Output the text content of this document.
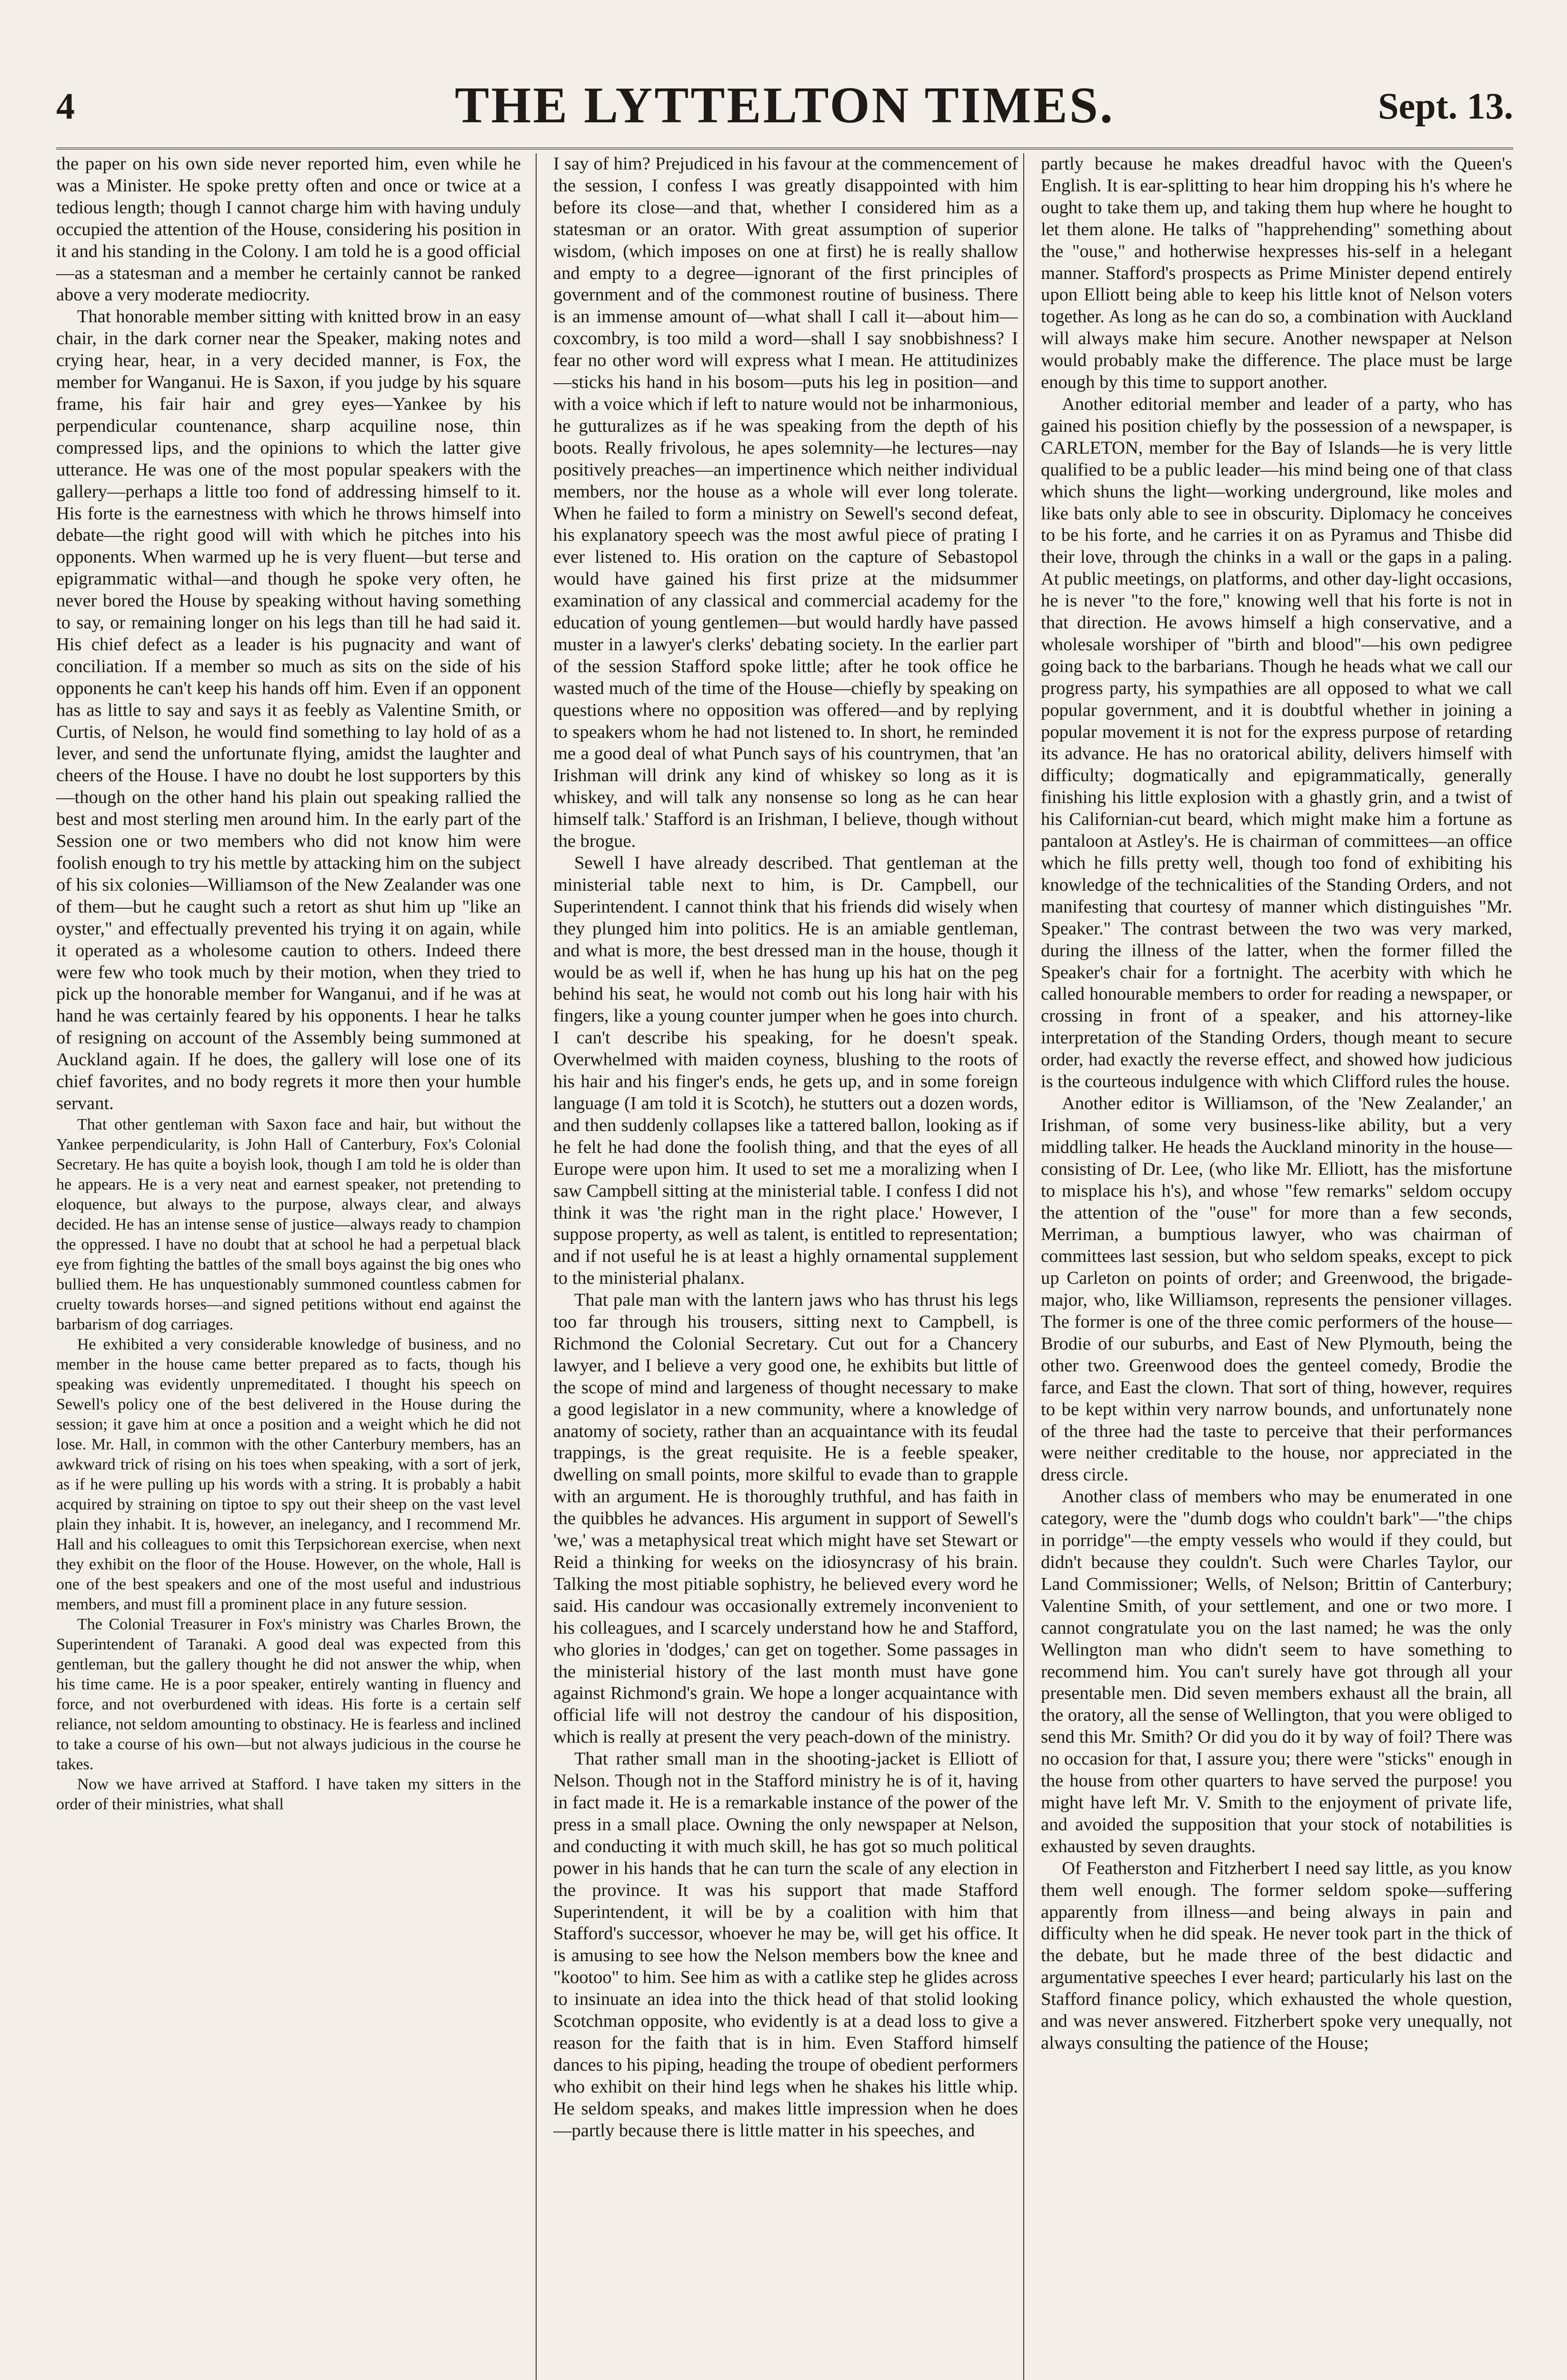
4	THE LYTTELTON TIMES.	Sept. 13.

the paper on his own side never reported him, even while he was a Minister. He spoke pretty often and once or twice at a tedious length; though I cannot charge him with having unduly occupied the attention of the House, considering his position in it and his standing in the Colony. I am told he is a good official—as a statesman and a member he certainly cannot be ranked above a very moderate mediocrity.

That honorable member sitting with knitted brow in an easy chair, in the dark corner near the Speaker, making notes and crying hear, hear, in a very decided manner, is Fox, the member for Wanganui. He is Saxon, if you judge by his square frame, his fair hair and grey eyes—Yankee by his perpendicular countenance, sharp acquiline nose, thin compressed lips, and the opinions to which the latter give utterance. He was one of the most popular speakers with the gallery—perhaps a little too fond of addressing himself to it. His forte is the earnestness with which he throws himself into debate—the right good will with which he pitches into his opponents. When warmed up he is very fluent—but terse and epigrammatic withal—and though he spoke very often, he never bored the House by speaking without having something to say, or remaining longer on his legs than till he had said it. His chief defect as a leader is his pugnacity and want of conciliation. If a member so much as sits on the side of his opponents he can't keep his hands off him. Even if an opponent has as little to say and says it as feebly as Valentine Smith, or Curtis, of Nelson, he would find something to lay hold of as a lever, and send the unfortunate flying, amidst the laughter and cheers of the House. I have no doubt he lost supporters by this—though on the other hand his plain out speaking rallied the best and most sterling men around him. In the early part of the Session one or two members who did not know him were foolish enough to try his mettle by attacking him on the subject of his six colonies—Williamson of the New Zealander was one of them—but he caught such a retort as shut him up "like an oyster," and effectually prevented his trying it on again, while it operated as a wholesome caution to others. Indeed there were few who took much by their motion, when they tried to pick up the honorable member for Wanganui, and if he was at hand he was certainly feared by his opponents. I hear he talks of resigning on account of the Assembly being summoned at Auckland again. If he does, the gallery will lose one of its chief favorites, and no body regrets it more then your humble servant.

That other gentleman with Saxon face and hair, but without the Yankee perpendicularity, is John Hall of Canterbury, Fox's Colonial Secretary. He has quite a boyish look, though I am told he is older than he appears. He is a very neat and earnest speaker, not pretending to eloquence, but always to the purpose, always clear, and always decided. He has an intense sense of justice—always ready to champion the oppressed. I have no doubt that at school he had a perpetual black eye from fighting the battles of the small boys against the big ones who bullied them. He has unquestionably summoned countless cabmen for cruelty towards horses—and signed petitions without end against the barbarism of dog carriages.

He exhibited a very considerable knowledge of business, and no member in the house came better prepared as to facts, though his speaking was evidently unpremeditated. I thought his speech on Sewell's policy one of the best delivered in the House during the session; it gave him at once a position and a weight which he did not lose. Mr. Hall, in common with the other Canterbury members, has an awkward trick of rising on his toes when speaking, with a sort of jerk, as if he were pulling up his words with a string. It is probably a habit acquired by straining on tiptoe to spy out their sheep on the vast level plain they inhabit. It is, however, an inelegancy, and I recommend Mr. Hall and his colleagues to omit this Terpsichorean exercise, when next they exhibit on the floor of the House. However, on the whole, Hall is one of the best speakers and one of the most useful and industrious members, and must fill a prominent place in any future session.

The Colonial Treasurer in Fox's ministry was Charles Brown, the Superintendent of Taranaki. A good deal was expected from this gentleman, but the gallery thought he did not answer the whip, when his time came. He is a poor speaker, entirely wanting in fluency and force, and not overburdened with ideas. His forte is a certain self reliance, not seldom amounting to obstinacy. He is fearless and inclined to take a course of his own—but not always judicious in the course he takes.

Now we have arrived at Stafford. I have taken my sitters in the order of their ministries, what shall

I say of him? Prejudiced in his favour at the commencement of the session, I confess I was greatly disappointed with him before its close—and that, whether I considered him as a statesman or an orator. With great assumption of superior wisdom, (which imposes on one at first) he is really shallow and empty to a degree—ignorant of the first principles of government and of the commonest routine of business. There is an immense amount of—what shall I call it—about him—coxcombry, is too mild a word—shall I say snobbishness? I fear no other word will express what I mean. He attitudinizes—sticks his hand in his bosom—puts his leg in position—and with a voice which if left to nature would not be inharmonious, he gutturalizes as if he was speaking from the depth of his boots. Really frivolous, he apes solemnity—he lectures—nay positively preaches—an impertinence which neither individual members, nor the house as a whole will ever long tolerate. When he failed to form a ministry on Sewell's second defeat, his explanatory speech was the most awful piece of prating I ever listened to. His oration on the capture of Sebastopol would have gained his first prize at the midsummer examination of any classical and commercial academy for the education of young gentlemen—but would hardly have passed muster in a lawyer's clerks' debating society. In the earlier part of the session Stafford spoke little; after he took office he wasted much of the time of the House—chiefly by speaking on questions where no opposition was offered—and by replying to speakers whom he had not listened to. In short, he reminded me a good deal of what Punch says of his countrymen, that 'an Irishman will drink any kind of whiskey so long as it is whiskey, and will talk any nonsense so long as he can hear himself talk.' Stafford is an Irishman, I believe, though without the brogue.

Sewell I have already described. That gentleman at the ministerial table next to him, is Dr. Campbell, our Superintendent. I cannot think that his friends did wisely when they plunged him into politics. He is an amiable gentleman, and what is more, the best dressed man in the house, though it would be as well if, when he has hung up his hat on the peg behind his seat, he would not comb out his long hair with his fingers, like a young counter jumper when he goes into church. I can't describe his speaking, for he doesn't speak. Overwhelmed with maiden coyness, blushing to the roots of his hair and his finger's ends, he gets up, and in some foreign language (I am told it is Scotch), he stutters out a dozen words, and then suddenly collapses like a tattered ballon, looking as if he felt he had done the foolish thing, and that the eyes of all Europe were upon him. It used to set me a moralizing when I saw Campbell sitting at the ministerial table. I confess I did not think it was 'the right man in the right place.' However, I suppose property, as well as talent, is entitled to representation; and if not useful he is at least a highly ornamental supplement to the ministerial phalanx.

That pale man with the lantern jaws who has thrust his legs too far through his trousers, sitting next to Campbell, is Richmond the Colonial Secretary. Cut out for a Chancery lawyer, and I believe a very good one, he exhibits but little of the scope of mind and largeness of thought necessary to make a good legislator in a new community, where a knowledge of anatomy of society, rather than an acquaintance with its feudal trappings, is the great requisite. He is a feeble speaker, dwelling on small points, more skilful to evade than to grapple with an argument. He is thoroughly truthful, and has faith in the quibbles he advances. His argument in support of Sewell's 'we,' was a metaphysical treat which might have set Stewart or Reid a thinking for weeks on the idiosyncrasy of his brain. Talking the most pitiable sophistry, he believed every word he said. His candour was occasionally extremely inconvenient to his colleagues, and I scarcely understand how he and Stafford, who glories in 'dodges,' can get on together. Some passages in the ministerial history of the last month must have gone against Richmond's grain. We hope a longer acquaintance with official life will not destroy the candour of his disposition, which is really at present the very peach-down of the ministry.

That rather small man in the shooting-jacket is Elliott of Nelson. Though not in the Stafford ministry he is of it, having in fact made it. He is a remarkable instance of the power of the press in a small place. Owning the only newspaper at Nelson, and conducting it with much skill, he has got so much political power in his hands that he can turn the scale of any election in the province. It was his support that made Stafford Superintendent, it will be by a coalition with him that Stafford's successor, whoever he may be, will get his office. It is amusing to see how the Nelson members bow the knee and "kootoo" to him. See him as with a catlike step he glides across to insinuate an idea into the thick head of that stolid looking Scotchman opposite, who evidently is at a dead loss to give a reason for the faith that is in him. Even Stafford himself dances to his piping, heading the troupe of obedient performers who exhibit on their hind legs when he shakes his little whip. He seldom speaks, and makes little impression when he does—partly because there is little matter in his speeches, and

partly because he makes dreadful havoc with the Queen's English. It is ear-splitting to hear him dropping his h's where he ought to take them up, and taking them hup where he hought to let them alone. He talks of "happrehending" something about the "ouse," and hotherwise hexpresses his-self in a helegant manner. Stafford's prospects as Prime Minister depend entirely upon Elliott being able to keep his little knot of Nelson voters together. As long as he can do so, a combination with Auckland will always make him secure. Another newspaper at Nelson would probably make the difference. The place must be large enough by this time to support another.

Another editorial member and leader of a party, who has gained his position chiefly by the possession of a newspaper, is CARLETON, member for the Bay of Islands—he is very little qualified to be a public leader—his mind being one of that class which shuns the light—working underground, like moles and like bats only able to see in obscurity. Diplomacy he conceives to be his forte, and he carries it on as Pyramus and Thisbe did their love, through the chinks in a wall or the gaps in a paling. At public meetings, on platforms, and other day-light occasions, he is never "to the fore," knowing well that his forte is not in that direction. He avows himself a high conservative, and a wholesale worshiper of "birth and blood"—his own pedigree going back to the barbarians. Though he heads what we call our progress party, his sympathies are all opposed to what we call popular government, and it is doubtful whether in joining a popular movement it is not for the express purpose of retarding its advance. He has no oratorical ability, delivers himself with difficulty; dogmatically and epigrammatically, generally finishing his little explosion with a ghastly grin, and a twist of his Californian-cut beard, which might make him a fortune as pantaloon at Astley's. He is chairman of committees—an office which he fills pretty well, though too fond of exhibiting his knowledge of the technicalities of the Standing Orders, and not manifesting that courtesy of manner which distinguishes "Mr. Speaker." The contrast between the two was very marked, during the illness of the latter, when the former filled the Speaker's chair for a fortnight. The acerbity with which he called honourable members to order for reading a newspaper, or crossing in front of a speaker, and his attorney-like interpretation of the Standing Orders, though meant to secure order, had exactly the reverse effect, and showed how judicious is the courteous indulgence with which Clifford rules the house.

Another editor is Williamson, of the 'New Zealander,' an Irishman, of some very business-like ability, but a very middling talker. He heads the Auckland minority in the house—consisting of Dr. Lee, (who like Mr. Elliott, has the misfortune to misplace his h's), and whose "few remarks" seldom occupy the attention of the "ouse" for more than a few seconds, Merriman, a bumptious lawyer, who was chairman of committees last session, but who seldom speaks, except to pick up Carleton on points of order; and Greenwood, the brigade-major, who, like Williamson, represents the pensioner villages. The former is one of the three comic performers of the house—Brodie of our suburbs, and East of New Plymouth, being the other two. Greenwood does the genteel comedy, Brodie the farce, and East the clown. That sort of thing, however, requires to be kept within very narrow bounds, and unfortunately none of the three had the taste to perceive that their performances were neither creditable to the house, nor appreciated in the dress circle.

Another class of members who may be enumerated in one category, were the "dumb dogs who couldn't bark"—"the chips in porridge"—the empty vessels who would if they could, but didn't because they couldn't. Such were Charles Taylor, our Land Commissioner; Wells, of Nelson; Brittin of Canterbury; Valentine Smith, of your settlement, and one or two more. I cannot congratulate you on the last named; he was the only Wellington man who didn't seem to have something to recommend him. You can't surely have got through all your presentable men. Did seven members exhaust all the brain, all the oratory, all the sense of Wellington, that you were obliged to send this Mr. Smith? Or did you do it by way of foil? There was no occasion for that, I assure you; there were "sticks" enough in the house from other quarters to have served the purpose! you might have left Mr. V. Smith to the enjoyment of private life, and avoided the supposition that your stock of notabilities is exhausted by seven draughts.

Of Featherston and Fitzherbert I need say little, as you know them well enough. The former seldom spoke—suffering apparently from illness—and being always in pain and difficulty when he did speak. He never took part in the thick of the debate, but he made three of the best didactic and argumentative speeches I ever heard; particularly his last on the Stafford finance policy, which exhausted the whole question, and was never answered. Fitzherbert spoke very unequally, not always consulting the patience of the House;
